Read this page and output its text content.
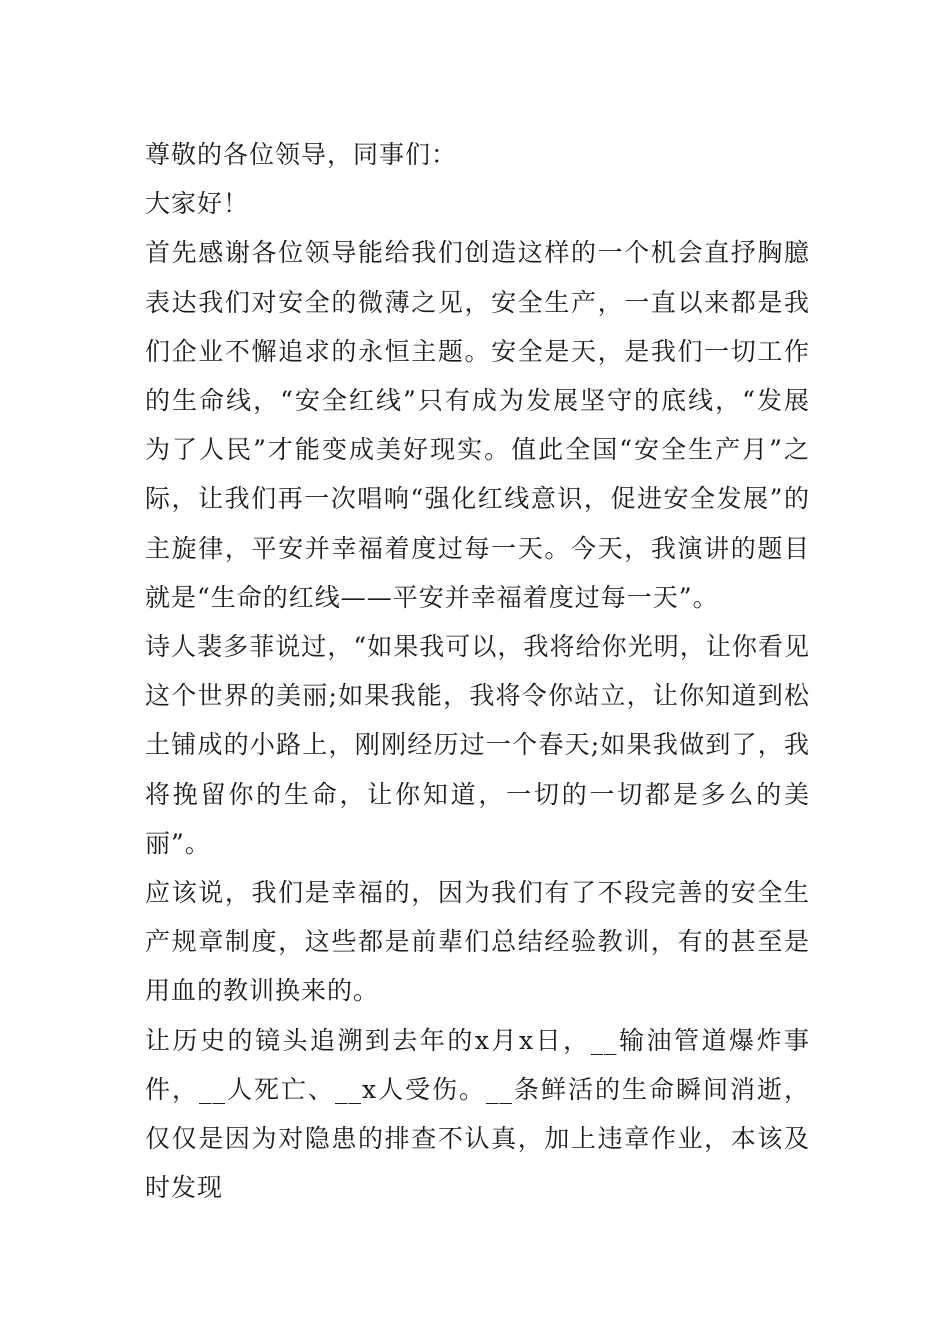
尊敬的各位领导，同事们：

大家好！

首先感谢各位领导能给我们创造这样的一个机会直抒胸臆表达我们对安全的微薄之见，安全生产，一直以来都是我们企业不懈追求的永恒主题。安全是天，是我们一切工作的生命线，“安全红线”只有成为发展坚守的底线，“发展为了人民”才能变成美好现实。值此全国“安全生产月”之际，让我们再一次唱响“强化红线意识，促进安全发展”的主旋律，平安并幸福着度过每一天。今天，我演讲的题目就是“生命的红线——平安并幸福着度过每一天”。

诗人裴多菲说过，“如果我可以，我将给你光明，让你看见这个世界的美丽;如果我能，我将令你站立，让你知道到松土铺成的小路上，刚刚经历过一个春天;如果我做到了，我将挽留你的生命，让你知道，一切的一切都是多么的美丽”。

应该说，我们是幸福的，因为我们有了不段完善的安全生产规章制度，这些都是前辈们总结经验教训，有的甚至是用血的教训换来的。

让历史的镜头追溯到去年的x月x日，__输油管道爆炸事件，__人死亡、__x人受伤。__条鲜活的生命瞬间消逝，仅仅是因为对隐患的排查不认真，加上违章作业，本该及时发现
